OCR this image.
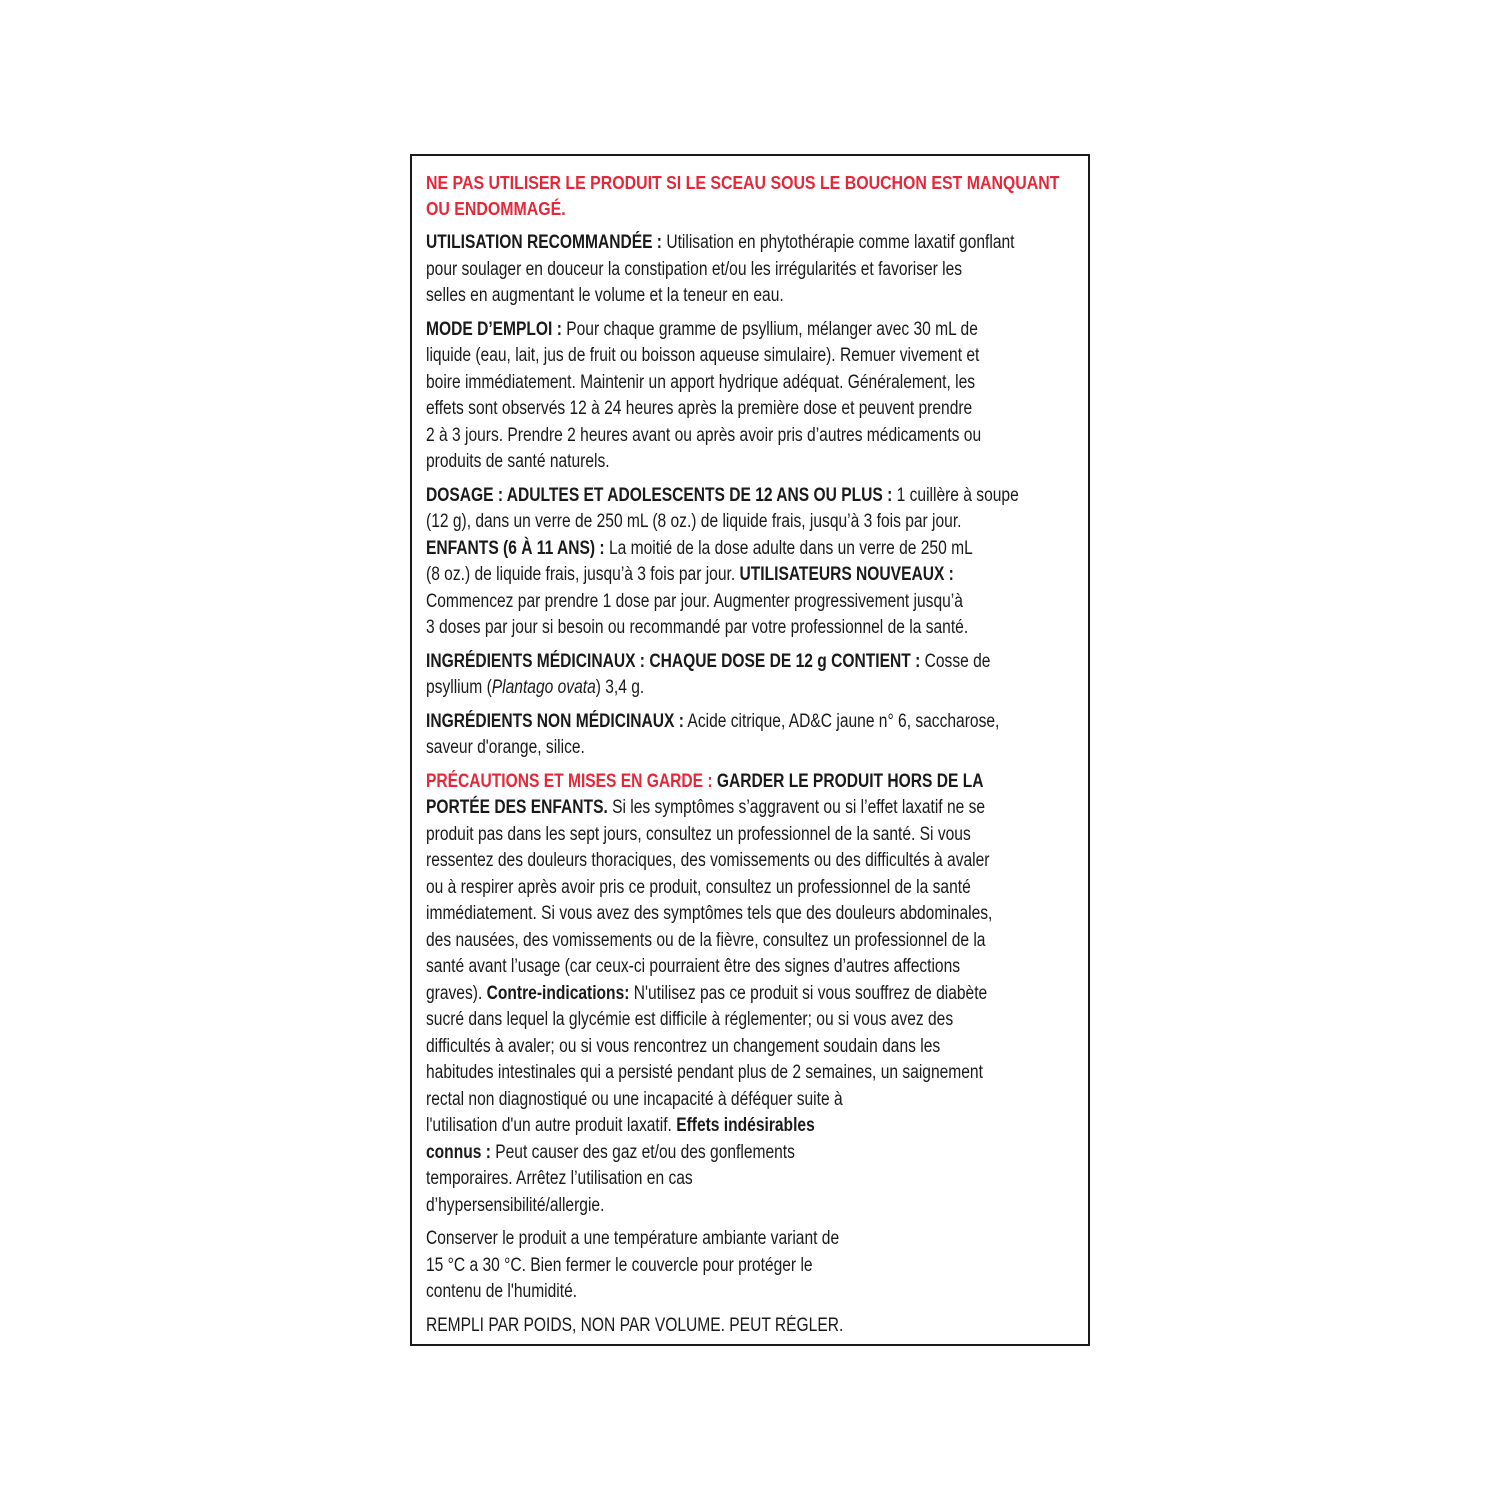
NE PAS UTILISER LE PRODUIT SI LE SCEAU SOUS LE BOUCHON EST MANQUANT
OU ENDOMMAGÉ.

UTILISATION RECOMMANDÉE : Utilisation en phytothérapie comme laxatif gonflant
pour soulager en douceur la constipation et/ou les irrégularités et favoriser les
selles en augmentant le volume et la teneur en eau.

MODE D’EMPLOI : Pour chaque gramme de psyllium, mélanger avec 30 mL de
liquide (eau, lait, jus de fruit ou boisson aqueuse simulaire). Remuer vivement et
boire immédiatement. Maintenir un apport hydrique adéquat. Généralement, les
effets sont observés 12 à 24 heures après la première dose et peuvent prendre
2 à 3 jours. Prendre 2 heures avant ou après avoir pris d’autres médicaments ou
produits de santé naturels.

DOSAGE : ADULTES ET ADOLESCENTS DE 12 ANS OU PLUS : 1 cuillère à soupe
(12 g), dans un verre de 250 mL (8 oz.) de liquide frais, jusqu’à 3 fois par jour.
ENFANTS (6 À 11 ANS) : La moitié de la dose adulte dans un verre de 250 mL
(8 oz.) de liquide frais, jusqu’à 3 fois par jour. UTILISATEURS NOUVEAUX :
Commencez par prendre 1 dose par jour. Augmenter progressivement jusqu’à
3 doses par jour si besoin ou recommandé par votre professionnel de la santé.

INGRÉDIENTS MÉDICINAUX : CHAQUE DOSE DE 12 g CONTIENT : Cosse de
psyllium (Plantago ovata) 3,4 g.

INGRÉDIENTS NON MÉDICINAUX : Acide citrique, AD&C jaune n° 6, saccharose,
saveur d'orange, silice.

PRÉCAUTIONS ET MISES EN GARDE : GARDER LE PRODUIT HORS DE LA
PORTÉE DES ENFANTS. Si les symptômes s’aggravent ou si l’effet laxatif ne se
produit pas dans les sept jours, consultez un professionnel de la santé. Si vous
ressentez des douleurs thoraciques, des vomissements ou des difficultés à avaler
ou à respirer après avoir pris ce produit, consultez un professionnel de la santé
immédiatement. Si vous avez des symptômes tels que des douleurs abdominales,
des nausées, des vomissements ou de la fièvre, consultez un professionnel de la
santé avant l’usage (car ceux-ci pourraient être des signes d’autres affections
graves). Contre-indications: N'utilisez pas ce produit si vous souffrez de diabète
sucré dans lequel la glycémie est difficile à réglementer; ou si vous avez des
difficultés à avaler; ou si vous rencontrez un changement soudain dans les
habitudes intestinales qui a persisté pendant plus de 2 semaines, un saignement
rectal non diagnostiqué ou une incapacité à déféquer suite à
l'utilisation d'un autre produit laxatif. Effets indésirables
connus : Peut causer des gaz et/ou des gonflements
temporaires. Arrêtez l’utilisation en cas
d’hypersensibilité/allergie.

Conserver le produit a une température ambiante variant de
15 °C a 30 °C. Bien fermer le couvercle pour protéger le
contenu de l'humidité.

REMPLI PAR POIDS, NON PAR VOLUME. PEUT RÉGLER.
